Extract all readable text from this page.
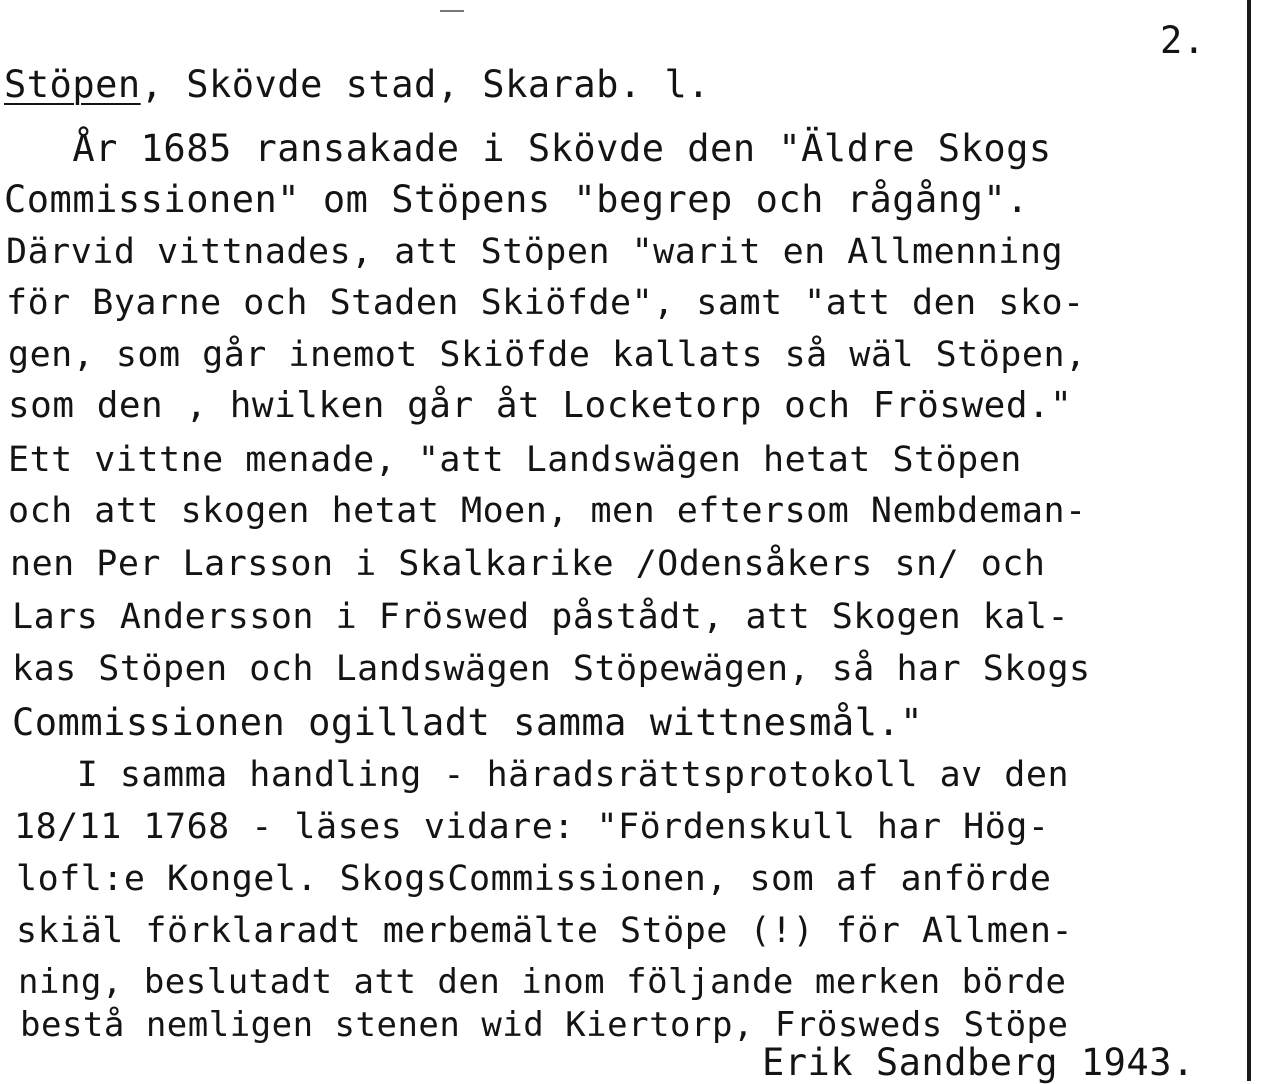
2.
Stöpen, Skövde stad, Skarab. l.
År 1685 ransakade i Skövde den "Äldre Skogs
Commissionen" om Stöpens "begrep och rågång".
Därvid vittnades, att Stöpen "warit en Allmenning
för Byarne och Staden Skiöfde", samt "att den sko-
gen, som går inemot Skiöfde kallats så wäl Stöpen,
som den , hwilken går åt Locketorp och Fröswed."
Ett vittne menade, "att Landswägen hetat Stöpen
och att skogen hetat Moen, men eftersom Nembdeman-
nen Per Larsson i Skalkarike /Odensåkers sn/ och
Lars Andersson i Fröswed påstådt, att Skogen kal-
kas Stöpen och Landswägen Stöpewägen, så har Skogs
Commissionen ogilladt samma wittnesmål."
I samma handling - häradsrättsprotokoll av den
18/11 1768 - läses vidare: "Fördenskull har Hög-
lofl:e Kongel. SkogsCommissionen, som af anförde
skiäl förklaradt merbemälte Stöpe (!) för Allmen-
ning, beslutadt att den inom följande merken börde
bestå nemligen stenen wid Kiertorp, Frösweds Stöpe
Erik Sandberg 1943.
